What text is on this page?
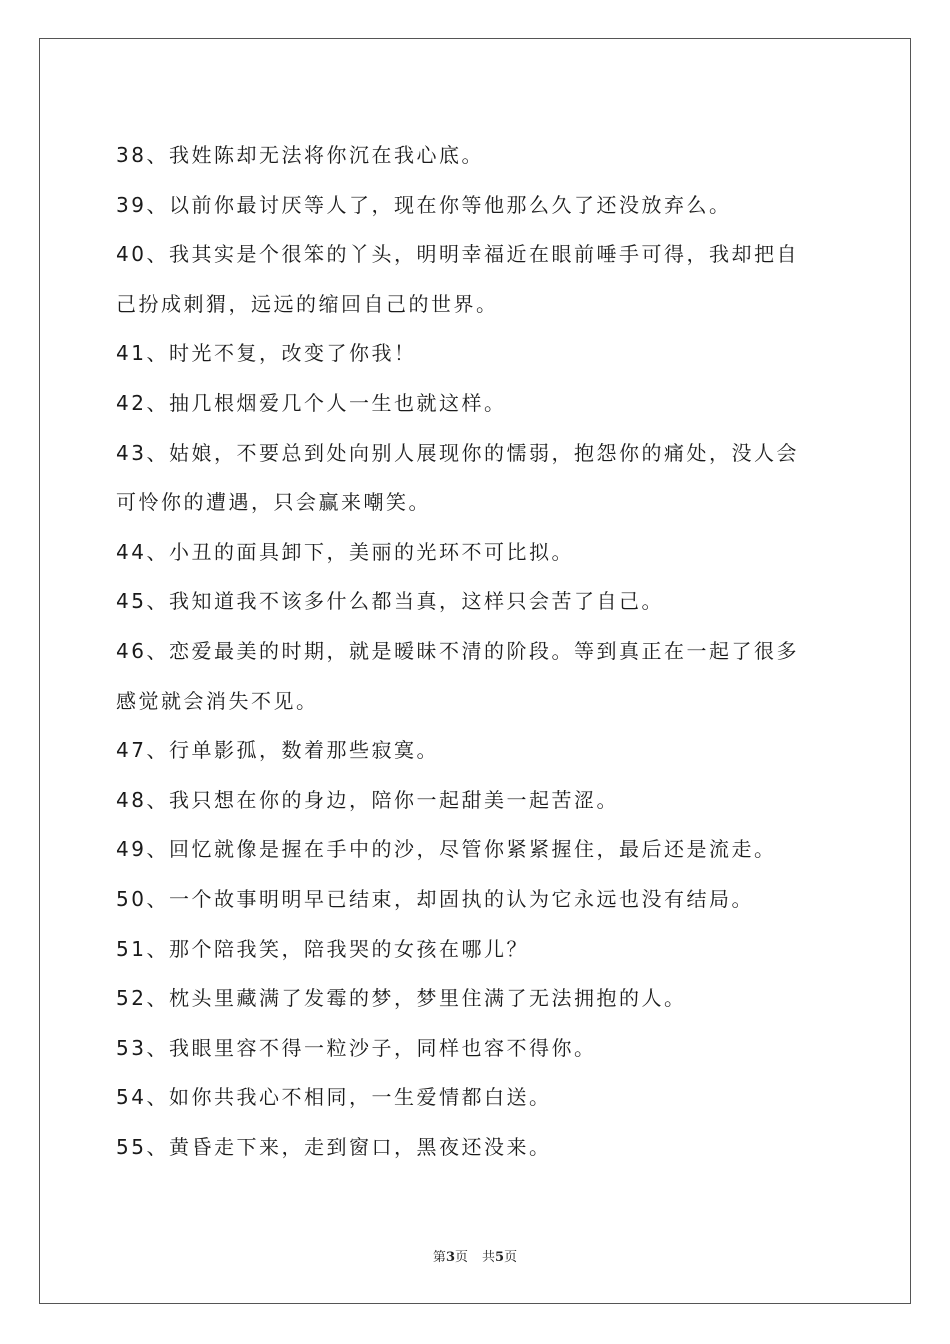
38、我姓陈却无法将你沉在我心底。

39、以前你最讨厌等人了，现在你等他那么久了还没放弃么。

40、我其实是个很笨的丫头，明明幸福近在眼前唾手可得，我却把自

己扮成刺猬，远远的缩回自己的世界。

41、时光不复，改变了你我！

42、抽几根烟爱几个人一生也就这样。

43、姑娘，不要总到处向别人展现你的懦弱，抱怨你的痛处，没人会

可怜你的遭遇，只会赢来嘲笑。

44、小丑的面具卸下，美丽的光环不可比拟。

45、我知道我不该多什么都当真，这样只会苦了自己。

46、恋爱最美的时期，就是暧昧不清的阶段。等到真正在一起了很多

感觉就会消失不见。

47、行单影孤，数着那些寂寞。

48、我只想在你的身边，陪你一起甜美一起苦涩。

49、回忆就像是握在手中的沙，尽管你紧紧握住，最后还是流走。

50、一个故事明明早已结束，却固执的认为它永远也没有结局。

51、那个陪我笑，陪我哭的女孩在哪儿？

52、枕头里藏满了发霉的梦，梦里住满了无法拥抱的人。

53、我眼里容不得一粒沙子，同样也容不得你。

54、如你共我心不相同，一生爱情都白送。

55、黄昏走下来，走到窗口，黑夜还没来。

第3页 共5页
